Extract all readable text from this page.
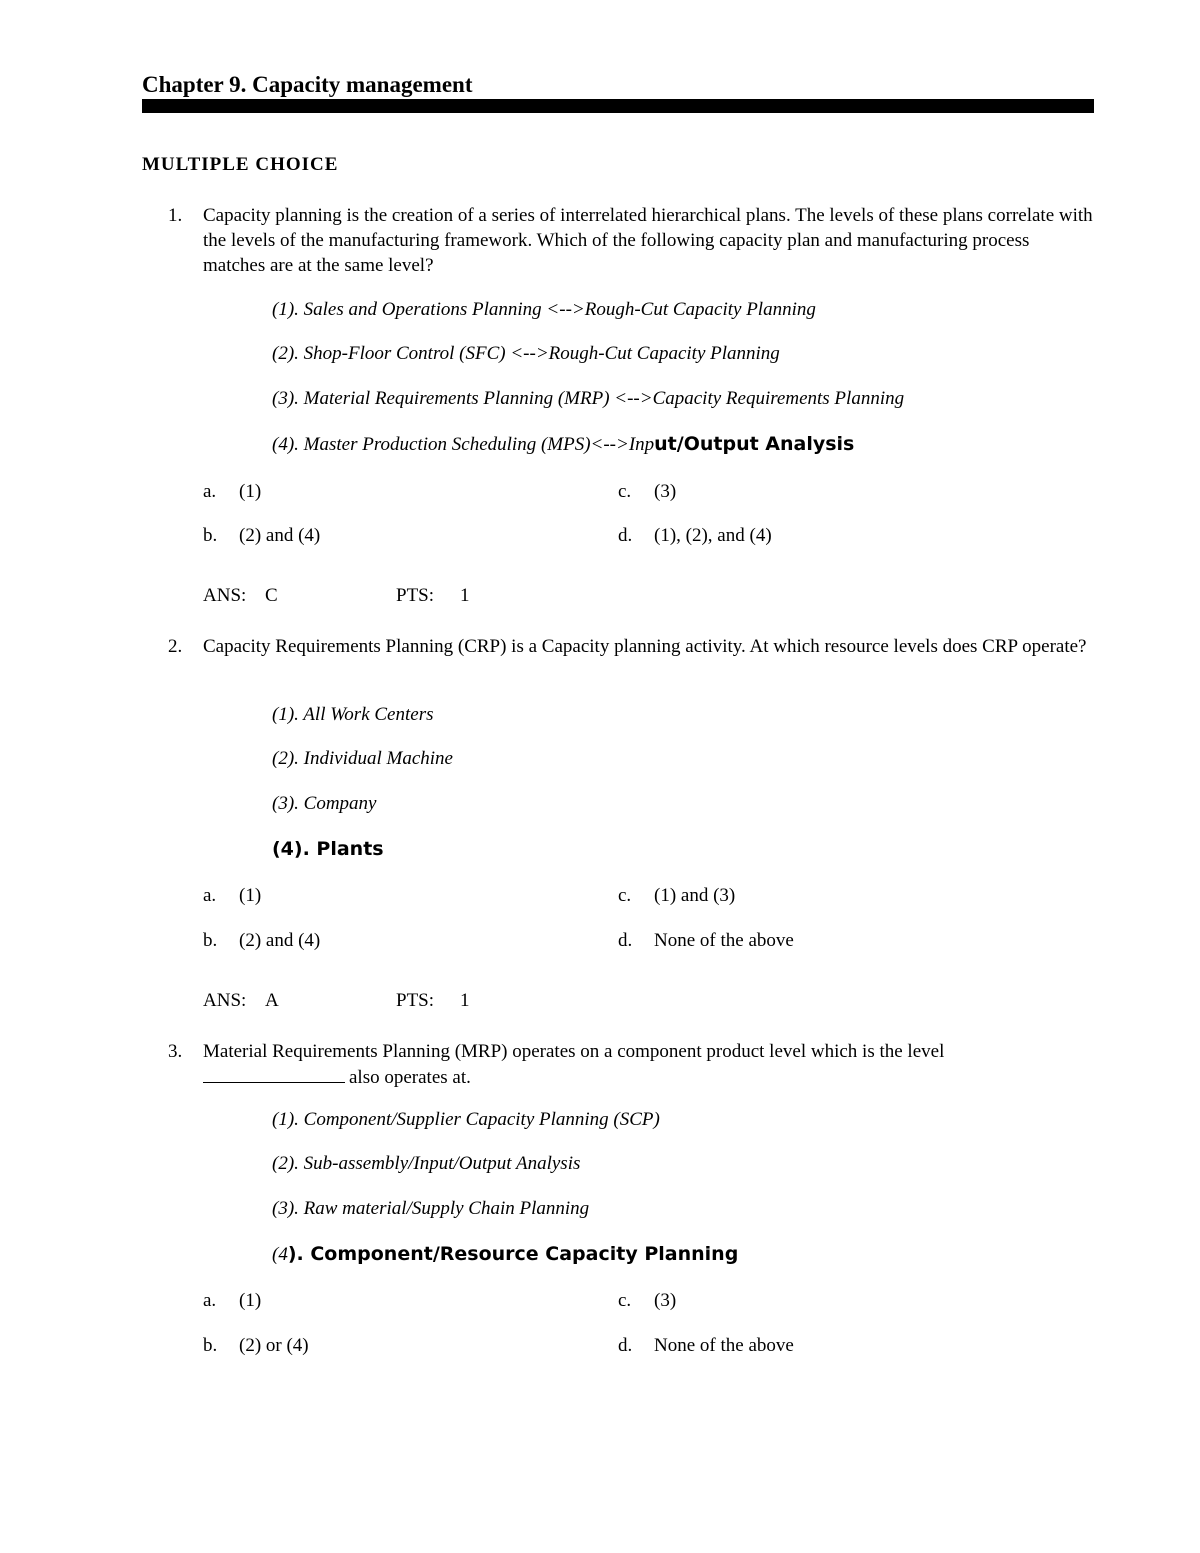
Chapter 9. Capacity management
MULTIPLE CHOICE
1. Capacity planning is the creation of a series of interrelated hierarchical plans. The levels of these plans correlate with the levels of the manufacturing framework. Which of the following capacity plan and manufacturing process matches are at the same level?
(1). Sales and Operations Planning <-->Rough-Cut Capacity Planning
(2). Shop-Floor Control (SFC) <-->Rough-Cut Capacity Planning
(3). Material Requirements Planning (MRP) <-->Capacity Requirements Planning
(4). Master Production Scheduling (MPS)<-->Input/Output Analysis
a. (1)	c. (3)
b. (2) and (4)	d. (1), (2), and (4)
ANS: C	PTS: 1
2. Capacity Requirements Planning (CRP) is a Capacity planning activity. At which resource levels does CRP operate?
(1). All Work Centers
(2). Individual Machine
(3). Company
(4). Plants
a. (1)	c. (1) and (3)
b. (2) and (4)	d. None of the above
ANS: A	PTS: 1
3. Material Requirements Planning (MRP) operates on a component product level which is the level
also operates at.
(1). Component/Supplier Capacity Planning (SCP)
(2). Sub-assembly/Input/Output Analysis
(3). Raw material/Supply Chain Planning
(4). Component/Resource Capacity Planning
a. (1)	c. (3)
b. (2) or (4)	d. None of the above
